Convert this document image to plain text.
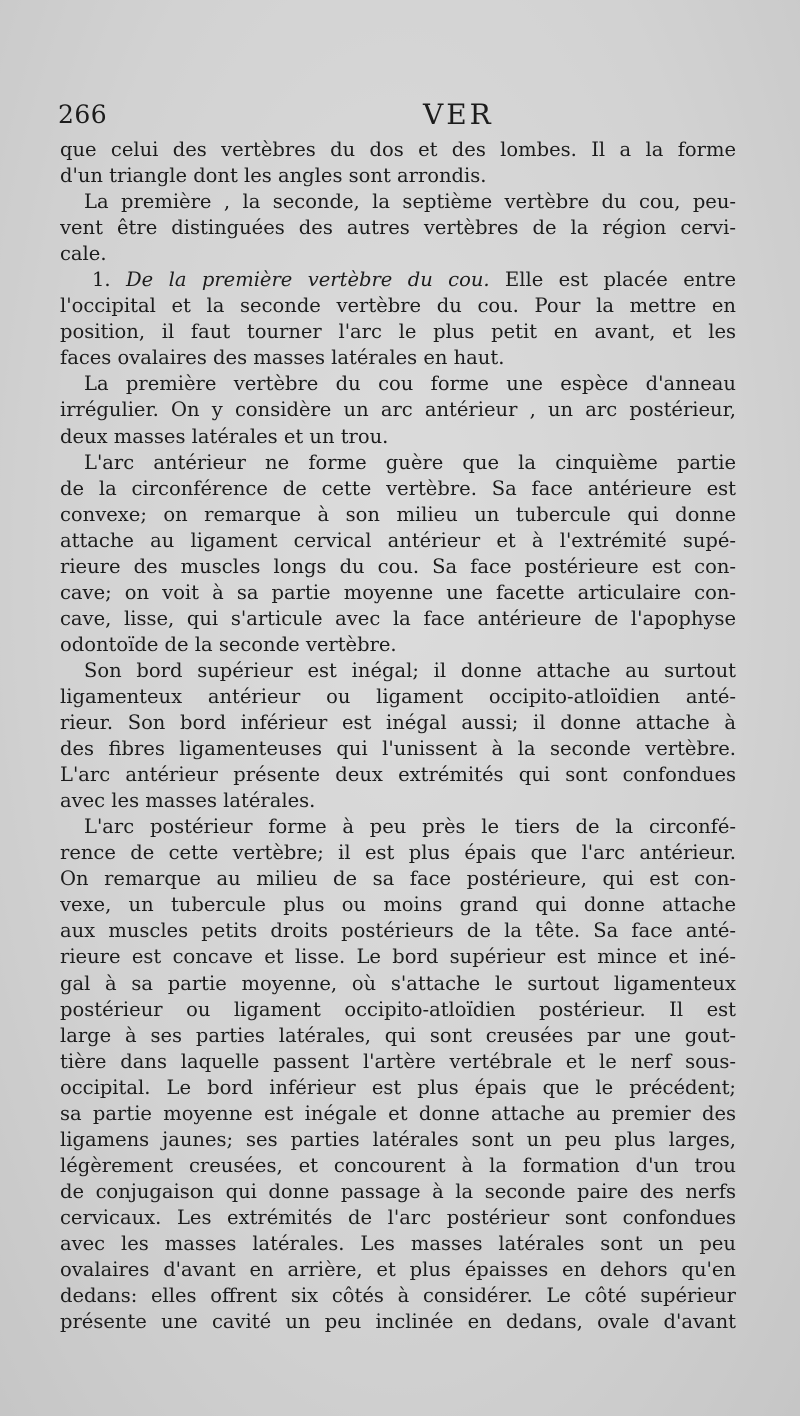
266	VER
que celui des vertèbres du dos et des lombes. Il a la forme
d'un triangle dont les angles sont arrondis.
La première , la seconde, la septième vertèbre du cou, peu-
vent être distinguées des autres vertèbres de la région cervi-
cale.
1. De la première vertèbre du cou. Elle est placée entre
l'occipital et la seconde vertèbre du cou. Pour la mettre en
position, il faut tourner l'arc le plus petit en avant, et les
faces ovalaires des masses latérales en haut.
La première vertèbre du cou forme une espèce d'anneau
irrégulier. On y considère un arc antérieur , un arc postérieur,
deux masses latérales et un trou.
L'arc antérieur ne forme guère que la cinquième partie
de la circonférence de cette vertèbre. Sa face antérieure est
convexe; on remarque à son milieu un tubercule qui donne
attache au ligament cervical antérieur et à l'extrémité supé-
rieure des muscles longs du cou. Sa face postérieure est con-
cave; on voit à sa partie moyenne une facette articulaire con-
cave, lisse, qui s'articule avec la face antérieure de l'apophyse
odontoïde de la seconde vertèbre.
Son bord supérieur est inégal; il donne attache au surtout
ligamenteux antérieur ou ligament occipito-atloïdien anté-
rieur. Son bord inférieur est inégal aussi; il donne attache à
des fibres ligamenteuses qui l'unissent à la seconde vertèbre.
L'arc antérieur présente deux extrémités qui sont confondues
avec les masses latérales.
L'arc postérieur forme à peu près le tiers de la circonfé-
rence de cette vertèbre; il est plus épais que l'arc antérieur.
On remarque au milieu de sa face postérieure, qui est con-
vexe, un tubercule plus ou moins grand qui donne attache
aux muscles petits droits postérieurs de la tête. Sa face anté-
rieure est concave et lisse. Le bord supérieur est mince et iné-
gal à sa partie moyenne, où s'attache le surtout ligamenteux
postérieur ou ligament occipito-atloïdien postérieur. Il est
large à ses parties latérales, qui sont creusées par une gout-
tière dans laquelle passent l'artère vertébrale et le nerf sous-
occipital. Le bord inférieur est plus épais que le précédent;
sa partie moyenne est inégale et donne attache au premier des
ligamens jaunes; ses parties latérales sont un peu plus larges,
légèrement creusées, et concourent à la formation d'un trou
de conjugaison qui donne passage à la seconde paire des nerfs
cervicaux. Les extrémités de l'arc postérieur sont confondues
avec les masses latérales. Les masses latérales sont un peu
ovalaires d'avant en arrière, et plus épaisses en dehors qu'en
dedans: elles offrent six côtés à considérer. Le côté supérieur
présente une cavité un peu inclinée en dedans, ovale d'avant
